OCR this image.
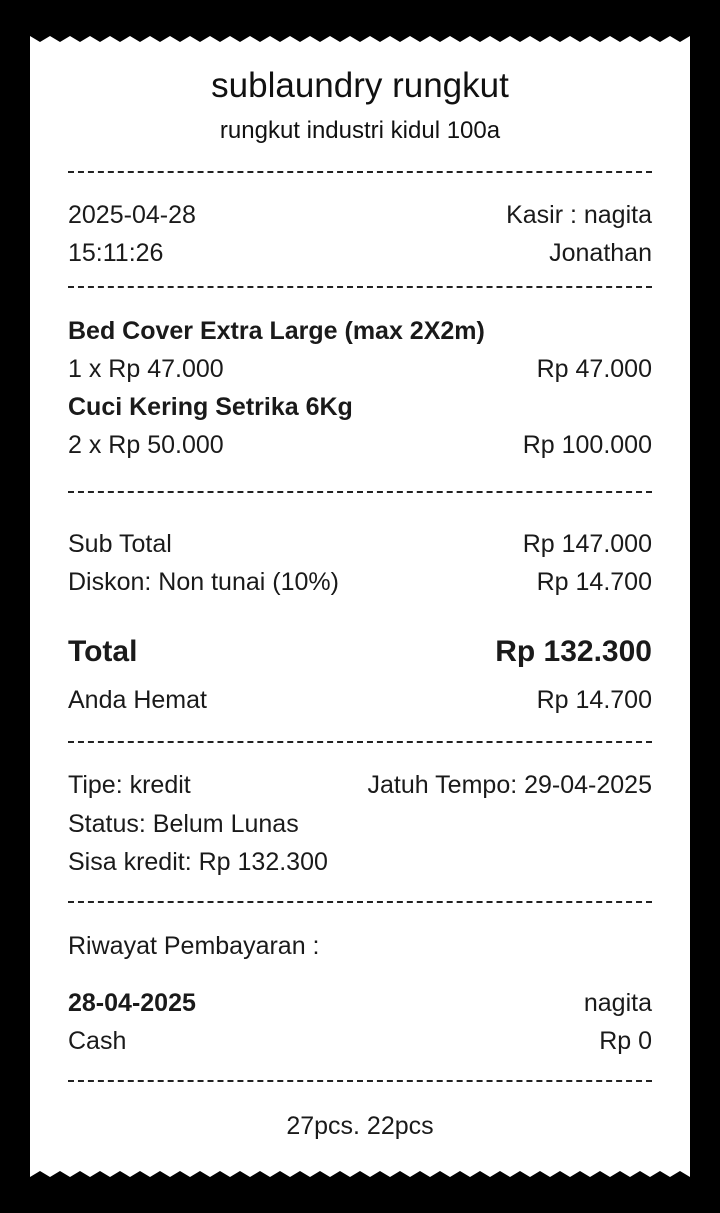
sublaundry rungkut
rungkut industri kidul 100a
2025-04-28	Kasir : nagita
15:11:26	Jonathan
Bed Cover Extra Large (max 2X2m)
1 x Rp 47.000	Rp 47.000
Cuci Kering Setrika 6Kg
2 x Rp 50.000	Rp 100.000
Sub Total	Rp 147.000
Diskon: Non tunai (10%)	Rp 14.700
Total	Rp 132.300
Anda Hemat	Rp 14.700
Tipe: kredit	Jatuh Tempo: 29-04-2025
Status: Belum Lunas
Sisa kredit: Rp 132.300
Riwayat Pembayaran :
28-04-2025	nagita
Cash	Rp 0
27pcs. 22pcs
